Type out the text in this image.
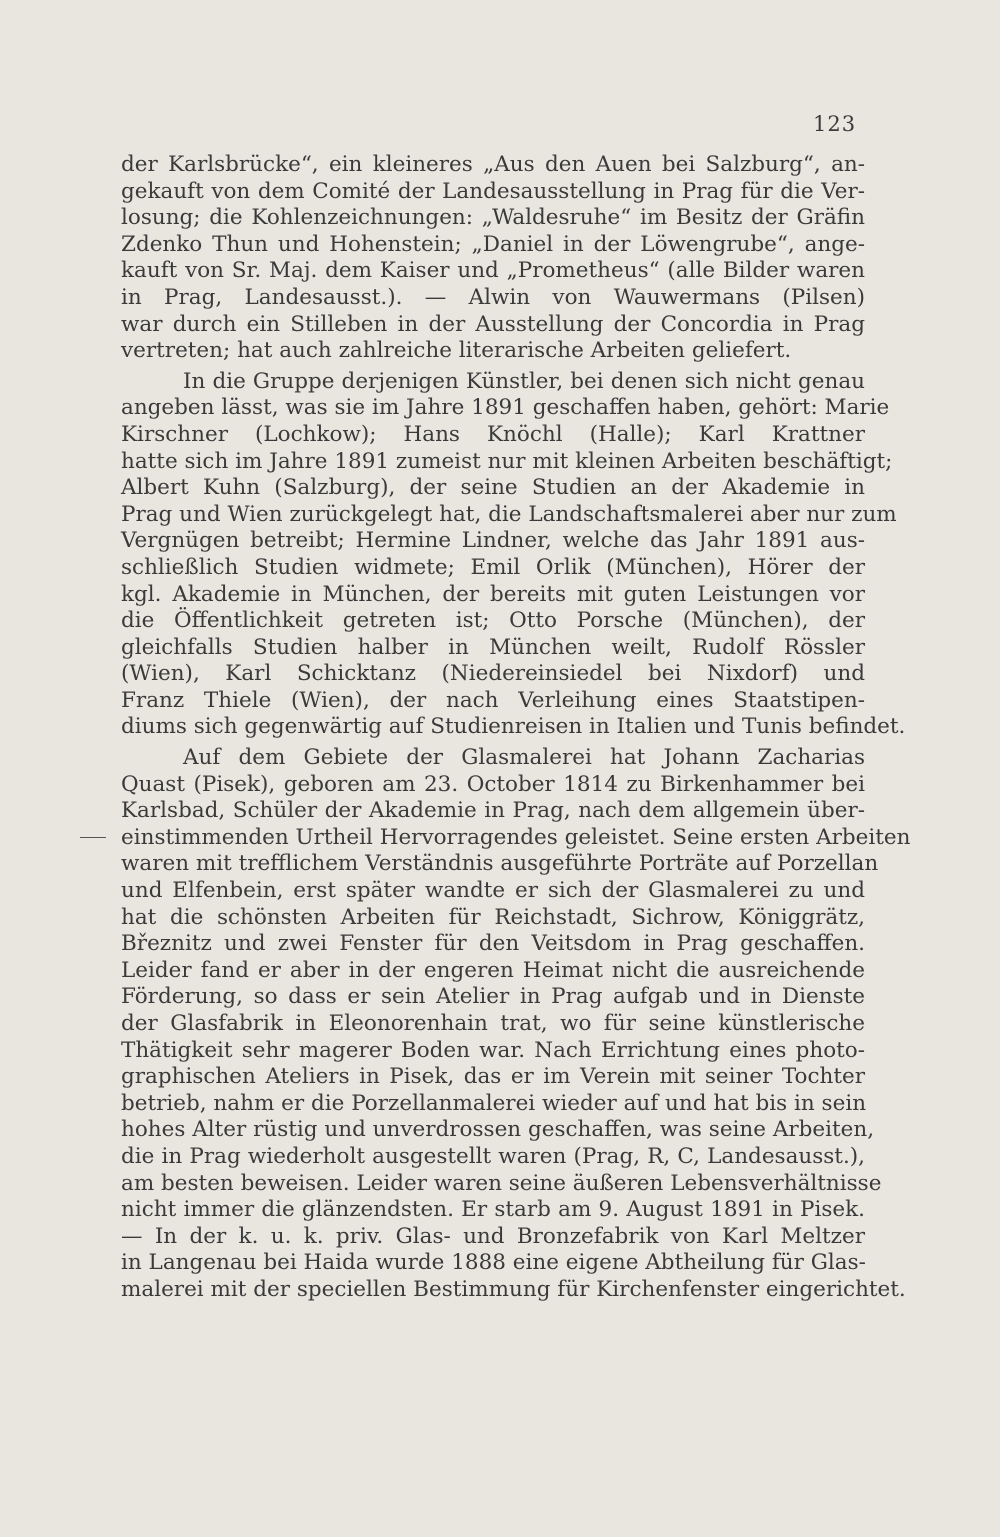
123

der Karlsbrücke“, ein kleineres „Aus den Auen bei Salzburg“, an-
gekauft von dem Comité der Landesausstellung in Prag für die Ver-
losung; die Kohlenzeichnungen: „Waldesruhe“ im Besitz der Gräfin
Zdenko Thun und Hohenstein; „Daniel in der Löwengrube“, ange-
kauft von Sr. Maj. dem Kaiser und „Prometheus“ (alle Bilder waren
in Prag, Landesausst.). — Alwin von Wauwermans (Pilsen)
war durch ein Stilleben in der Ausstellung der Concordia in Prag
vertreten; hat auch zahlreiche literarische Arbeiten geliefert.

In die Gruppe derjenigen Künstler, bei denen sich nicht genau
angeben lässt, was sie im Jahre 1891 geschaffen haben, gehört: Marie
Kirschner (Lochkow); Hans Knöchl (Halle); Karl Krattner
hatte sich im Jahre 1891 zumeist nur mit kleinen Arbeiten beschäftigt;
Albert Kuhn (Salzburg), der seine Studien an der Akademie in
Prag und Wien zurückgelegt hat, die Landschaftsmalerei aber nur zum
Vergnügen betreibt; Hermine Lindner, welche das Jahr 1891 aus-
schließlich Studien widmete; Emil Orlik (München), Hörer der
kgl. Akademie in München, der bereits mit guten Leistungen vor
die Öffentlichkeit getreten ist; Otto Porsche (München), der
gleichfalls Studien halber in München weilt, Rudolf Rössler
(Wien), Karl Schicktanz (Niedereinsiedel bei Nixdorf) und
Franz Thiele (Wien), der nach Verleihung eines Staatstipen-
diums sich gegenwärtig auf Studienreisen in Italien und Tunis befindet.

Auf dem Gebiete der Glasmalerei hat Johann Zacharias
Quast (Pisek), geboren am 23. October 1814 zu Birkenhammer bei
Karlsbad, Schüler der Akademie in Prag, nach dem allgemein über-
einstimmenden Urtheil Hervorragendes geleistet. Seine ersten Arbeiten
waren mit trefflichem Verständnis ausgeführte Porträte auf Porzellan
und Elfenbein, erst später wandte er sich der Glasmalerei zu und
hat die schönsten Arbeiten für Reichstadt, Sichrow, Königgrätz,
Březnitz und zwei Fenster für den Veitsdom in Prag geschaffen.
Leider fand er aber in der engeren Heimat nicht die ausreichende
Förderung, so dass er sein Atelier in Prag aufgab und in Dienste
der Glasfabrik in Eleonorenhain trat, wo für seine künstlerische
Thätigkeit sehr magerer Boden war. Nach Errichtung eines photo-
graphischen Ateliers in Pisek, das er im Verein mit seiner Tochter
betrieb, nahm er die Porzellanmalerei wieder auf und hat bis in sein
hohes Alter rüstig und unverdrossen geschaffen, was seine Arbeiten,
die in Prag wiederholt ausgestellt waren (Prag, R, C, Landesausst.),
am besten beweisen. Leider waren seine äußeren Lebensverhältnisse
nicht immer die glänzendsten. Er starb am 9. August 1891 in Pisek.
— In der k. u. k. priv. Glas- und Bronzefabrik von Karl Meltzer
in Langenau bei Haida wurde 1888 eine eigene Abtheilung für Glas-
malerei mit der speciellen Bestimmung für Kirchenfenster eingerichtet.
